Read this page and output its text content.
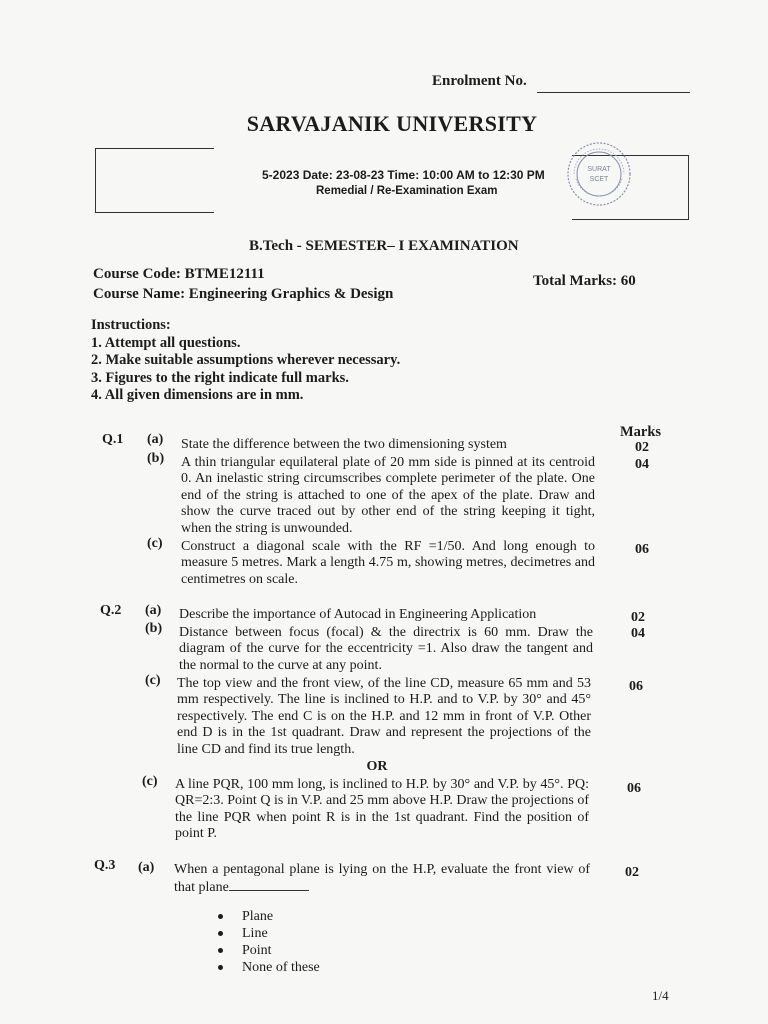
Enrolment No.
SARVAJANIK UNIVERSITY
SURAT
SCET
5-2023 Date: 23-08-23 Time: 10:00 AM to 12:30 PM
Remedial / Re-Examination Exam
B.Tech - SEMESTER– I EXAMINATION
Course Code: BTME12111
Course Name: Engineering Graphics & Design
Total Marks: 60
Instructions:
1. Attempt all questions.
2. Make suitable assumptions wherever necessary.
3. Figures to the right indicate full marks.
4. All given dimensions are in mm.
Marks
Q.1 (a) State the difference between the two dimensioning system	02
(b) A thin triangular equilateral plate of 20 mm side is pinned at its centroid 0. An inelastic string circumscribes complete perimeter of the plate. One end of the string is attached to one of the apex of the plate. Draw and show the curve traced out by other end of the string keeping it tight, when the string is unwounded.
04
(c) Construct a diagonal scale with the RF =1/50. And long enough to measure 5 metres. Mark a length 4.75 m, showing metres, decimetres and centimetres on scale.
06
Q.2 (a) Describe the importance of Autocad in Engineering Application	02
(b) Distance between focus (focal) & the directrix is 60 mm. Draw the diagram of the curve for the eccentricity =1. Also draw the tangent and the normal to the curve at any point.
04
(c) The top view and the front view, of the line CD, measure 65 mm and 53 mm respectively. The line is inclined to H.P. and to V.P. by 30° and 45° respectively. The end C is on the H.P. and 12 mm in front of V.P. Other end D is in the 1st quadrant. Draw and represent the projections of the line CD and find its true length.
06
OR
(c) A line PQR, 100 mm long, is inclined to H.P. by 30° and V.P. by 45°. PQ: QR=2:3. Point Q is in V.P. and 25 mm above H.P. Draw the projections of the line PQR when point R is in the 1st quadrant. Find the position of point P.
06
Q.3 (a) When a pentagonal plane is lying on the H.P, evaluate the front view of that plane
02
Plane
Line
Point
None of these
1/4
